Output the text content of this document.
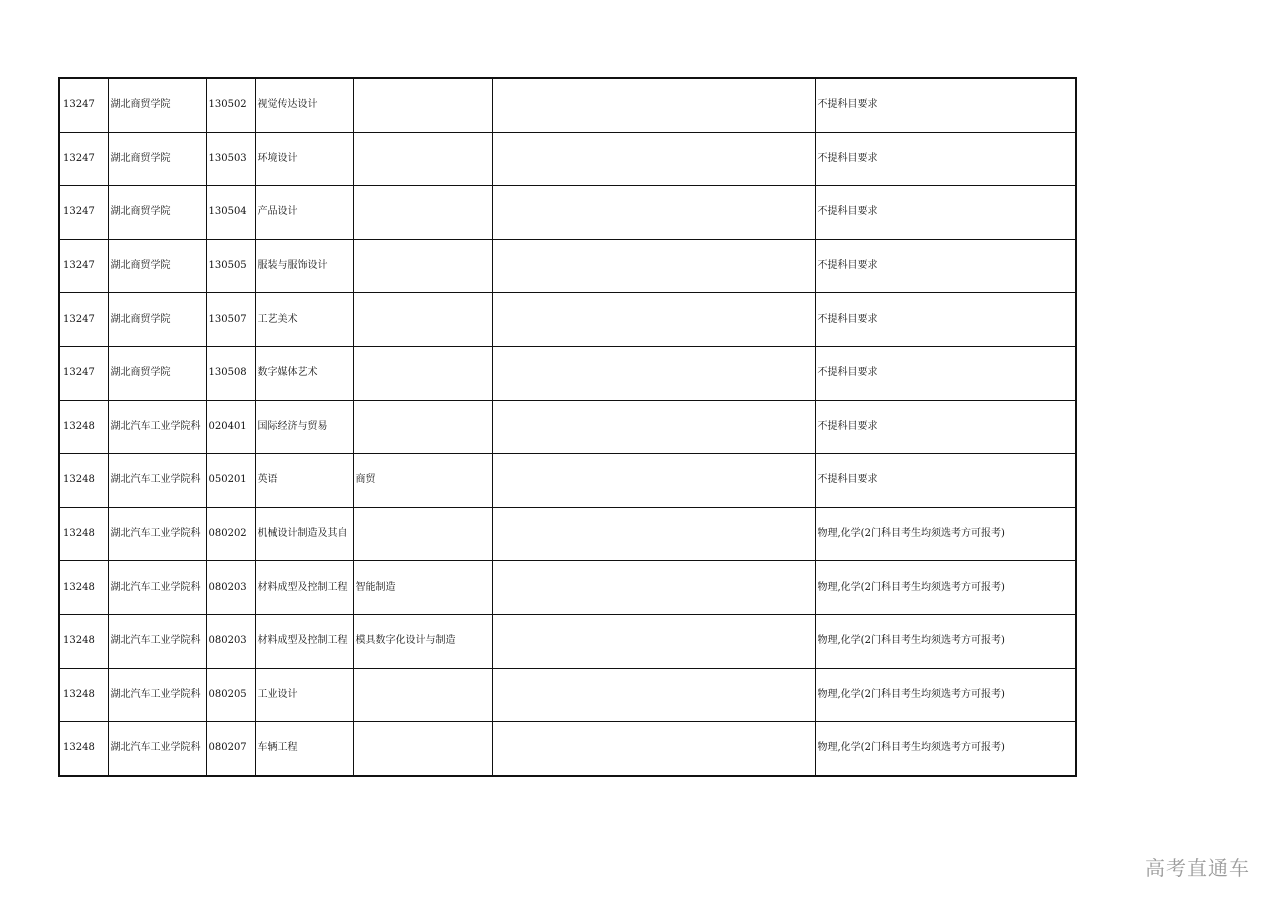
13247	湖北商贸学院	130502	视觉传达设计			不提科目要求
13247	湖北商贸学院	130503	环境设计			不提科目要求
13247	湖北商贸学院	130504	产品设计			不提科目要求
13247	湖北商贸学院	130505	服装与服饰设计			不提科目要求
13247	湖北商贸学院	130507	工艺美术			不提科目要求
13247	湖北商贸学院	130508	数字媒体艺术			不提科目要求
13248	湖北汽车工业学院科	020401	国际经济与贸易			不提科目要求
13248	湖北汽车工业学院科	050201	英语	商贸		不提科目要求
13248	湖北汽车工业学院科	080202	机械设计制造及其自			物理,化学(2门科目考生均须选考方可报考)
13248	湖北汽车工业学院科	080203	材料成型及控制工程	智能制造		物理,化学(2门科目考生均须选考方可报考)
13248	湖北汽车工业学院科	080203	材料成型及控制工程	模具数字化设计与制造		物理,化学(2门科目考生均须选考方可报考)
13248	湖北汽车工业学院科	080205	工业设计			物理,化学(2门科目考生均须选考方可报考)
13248	湖北汽车工业学院科	080207	车辆工程			物理,化学(2门科目考生均须选考方可报考)
高考直通车
